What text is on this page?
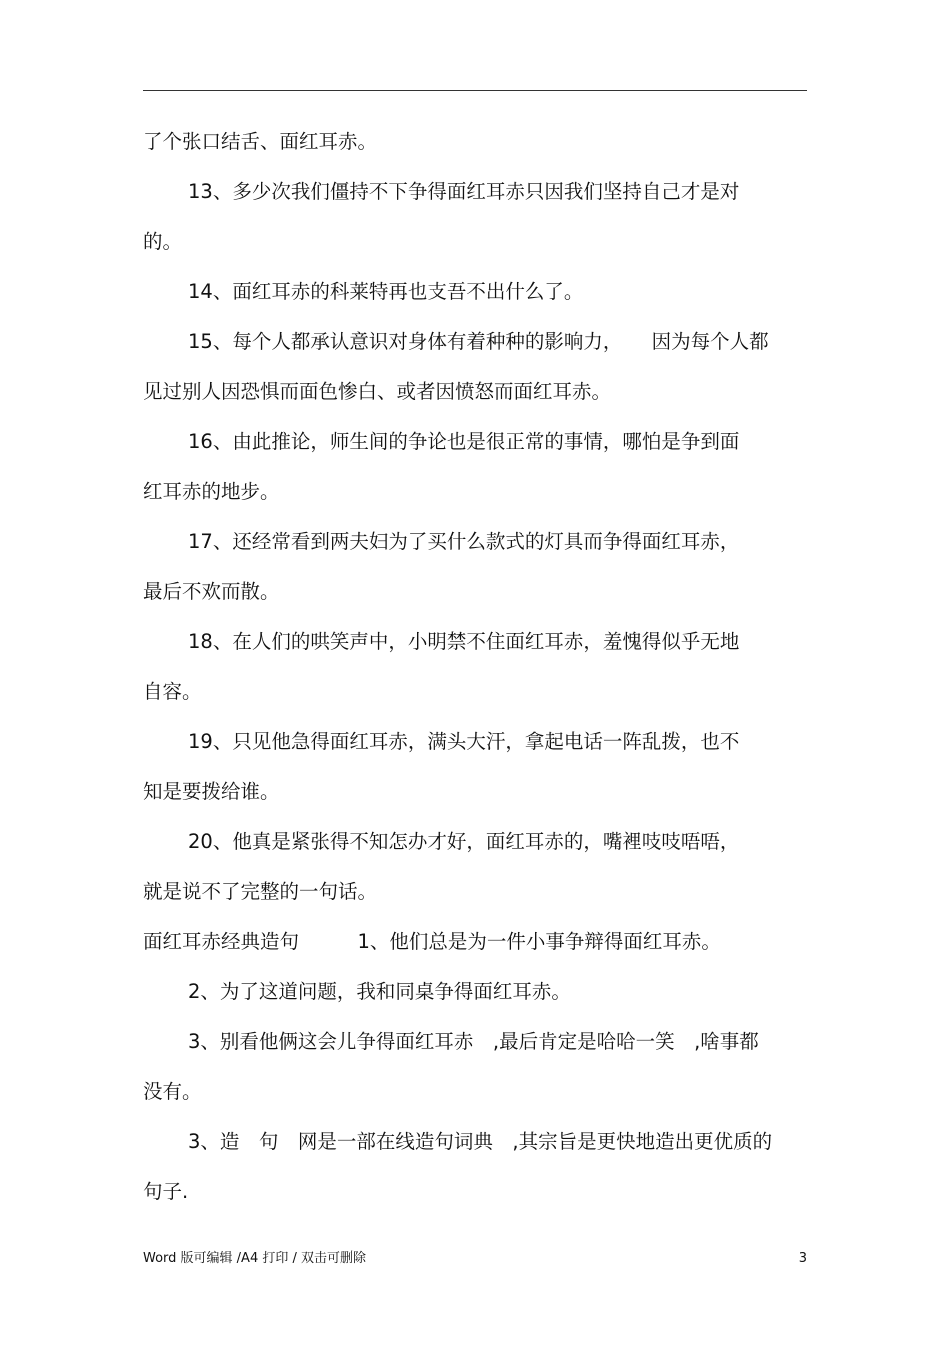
了个张口结舌、面红耳赤。
13、多少次我们僵持不下争得面红耳赤只因我们坚持自己才是对
的。
14、面红耳赤的科莱特再也支吾不出什么了。
15、每个人都承认意识对身体有着种种的影响力，　　因为每个人都
见过别人因恐惧而面色惨白、或者因愤怒而面红耳赤。
16、由此推论，师生间的争论也是很正常的事情，哪怕是争到面
红耳赤的地步。
17、还经常看到两夫妇为了买什么款式的灯具而争得面红耳赤，
最后不欢而散。
18、在人们的哄笑声中，小明禁不住面红耳赤，羞愧得似乎无地
自容。
19、只见他急得面红耳赤，满头大汗，拿起电话一阵乱拨，也不
知是要拨给谁。
20、他真是紧张得不知怎办才好，面红耳赤的，嘴裡吱吱唔唔，
就是说不了完整的一句话。
面红耳赤经典造句　　　1、他们总是为一件小事争辩得面红耳赤。
2、为了这道问题，我和同桌争得面红耳赤。
3、别看他俩这会儿争得面红耳赤　,最后肯定是哈哈一笑　,啥事都
没有。
3、造　句　网是一部在线造句词典　,其宗旨是更快地造出更优质的
句子.
Word 版可编辑 /A4 打印 / 双击可删除	3
